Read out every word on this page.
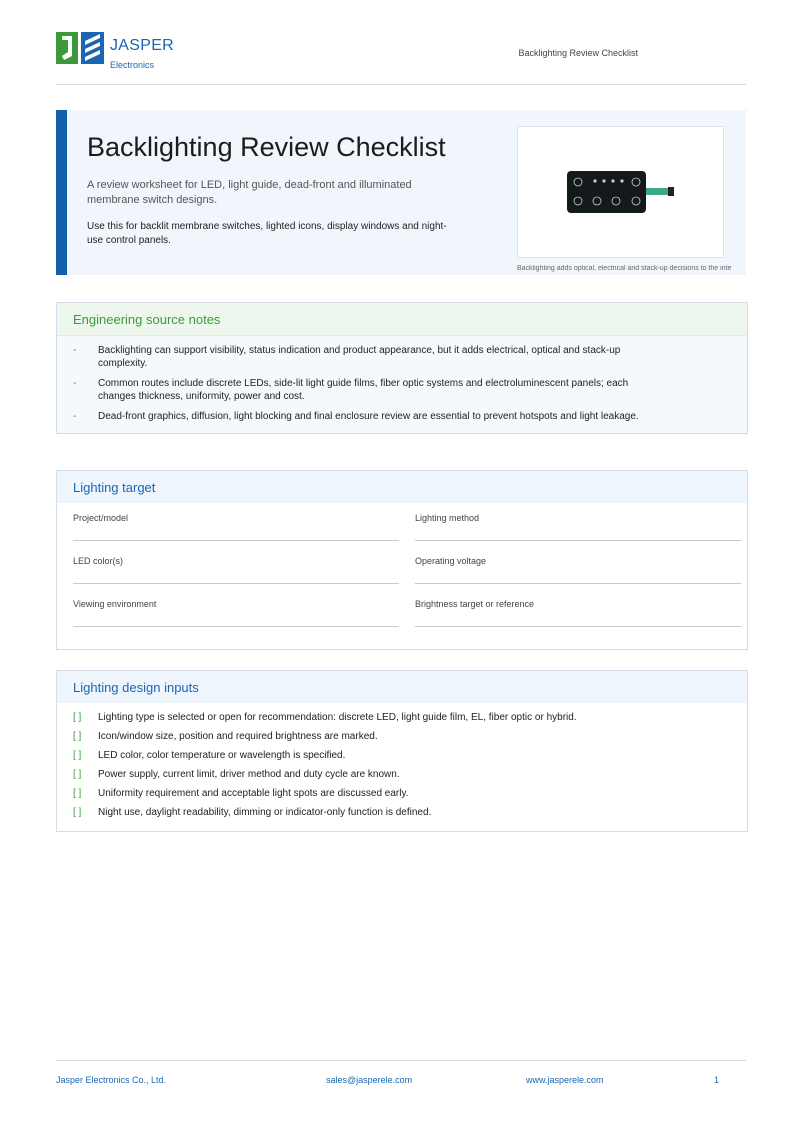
JASPER
Electronics
Backlighting Review Checklist
Backlighting Review Checklist
A review worksheet for LED, light guide, dead-front and illuminated membrane switch designs.
Use this for backlit membrane switches, lighted icons, display windows and night-use control panels.
Backlighting adds optical, electrical and stack-up decisions to the inte
Engineering source notes
- Backlighting can support visibility, status indication and product appearance, but it adds electrical, optical and stack-up complexity.
- Common routes include discrete LEDs, side-lit light guide films, fiber optic systems and electroluminescent panels; each changes thickness, uniformity, power and cost.
- Dead-front graphics, diffusion, light blocking and final enclosure review are essential to prevent hotspots and light leakage.
Lighting target
Project/model	Lighting method
LED color(s)	Operating voltage
Viewing environment	Brightness target or reference
Lighting design inputs
[ ] Lighting type is selected or open for recommendation: discrete LED, light guide film, EL, fiber optic or hybrid.
[ ] Icon/window size, position and required brightness are marked.
[ ] LED color, color temperature or wavelength is specified.
[ ] Power supply, current limit, driver method and duty cycle are known.
[ ] Uniformity requirement and acceptable light spots are discussed early.
[ ] Night use, daylight readability, dimming or indicator-only function is defined.
Jasper Electronics Co., Ltd.	sales@jasperele.com	www.jasperele.com	1
